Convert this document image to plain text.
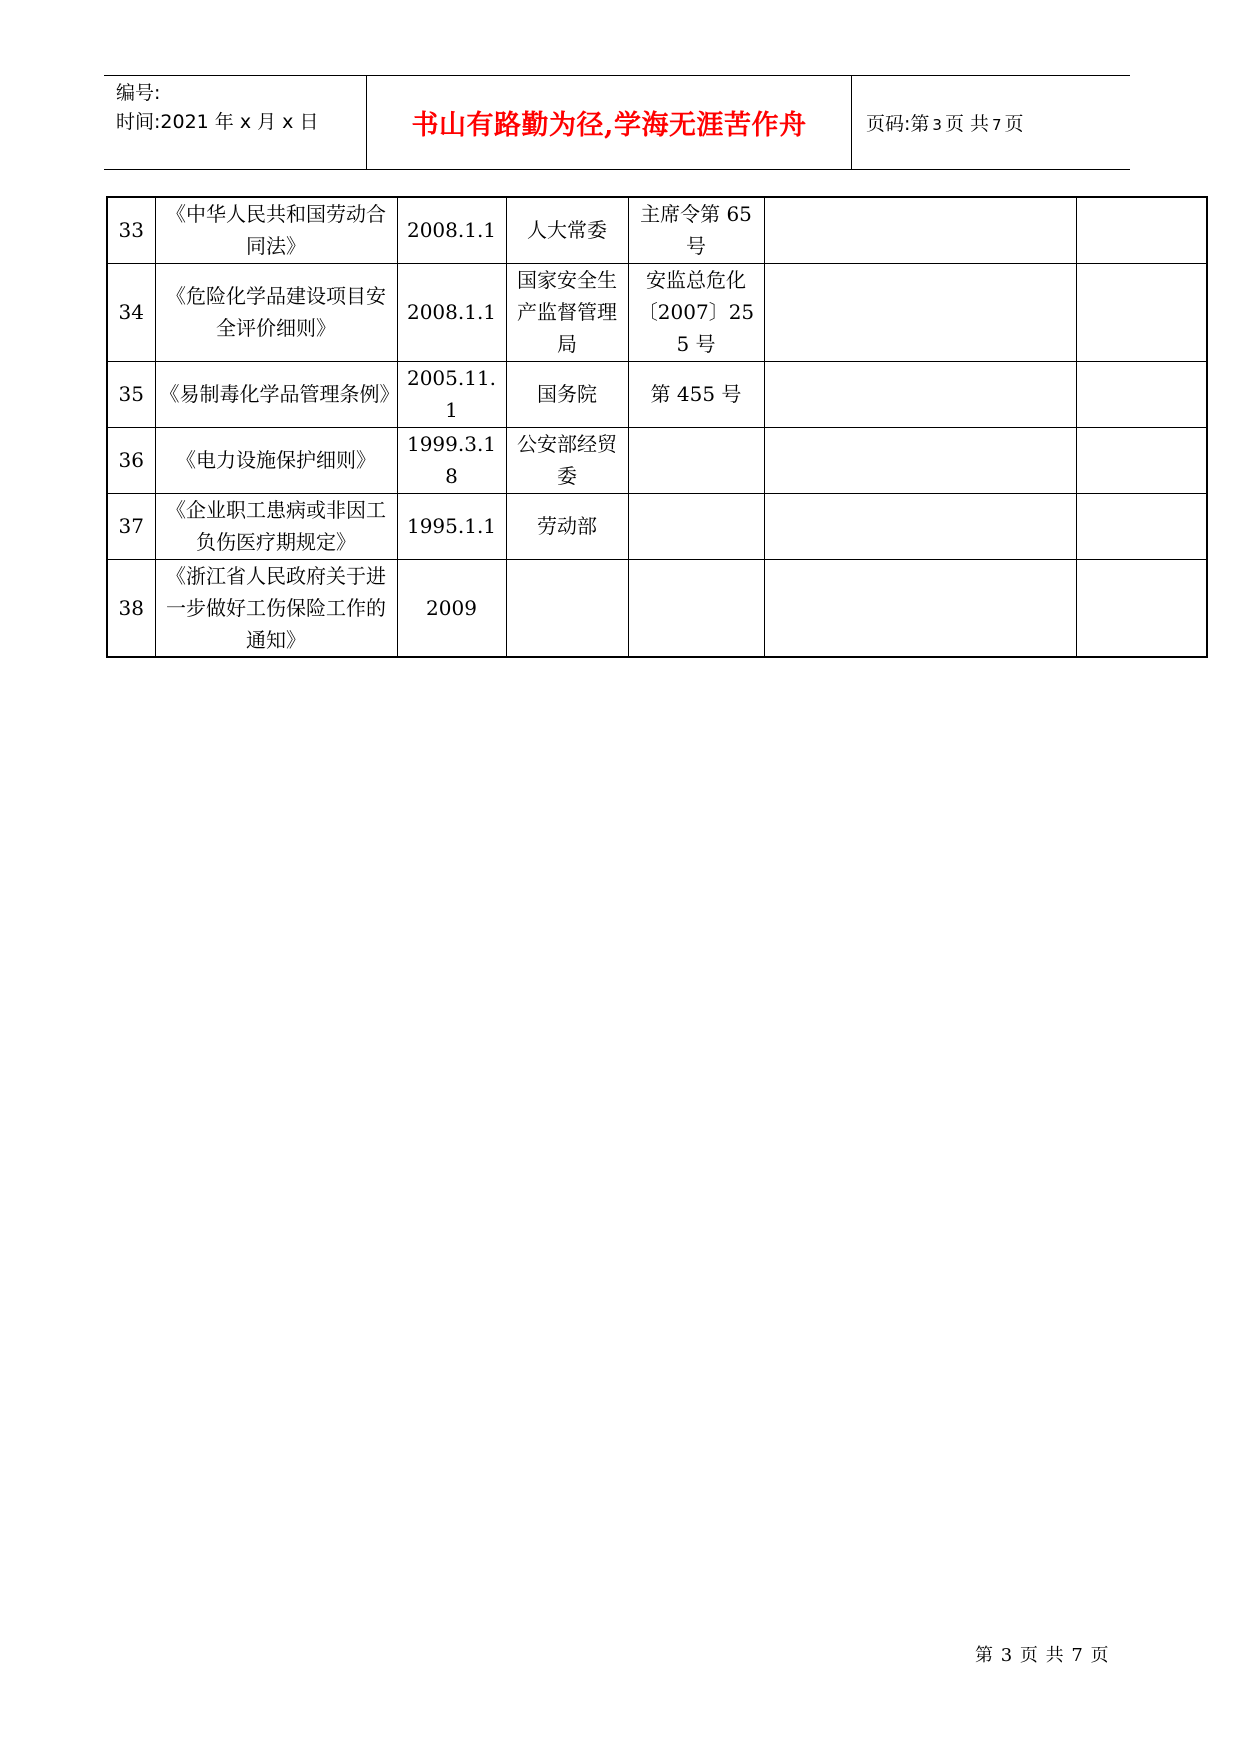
编号:
时间:2021 年 x 月 x 日	书山有路勤为径,学海无涯苦作舟	页码:第 3 页 共 7 页
33	《中华人民共和国劳动合同法》	2008.1.1	人大常委	主席令第 65 号		
34	《危险化学品建设项目安全评价细则》	2008.1.1	国家安全生产监督管理局	安监总危化〔2007〕255 号		
35	《易制毒化学品管理条例》	2005.11.1	国务院	第 455 号		
36	《电力设施保护细则》	1999.3.18	公安部经贸委			
37	《企业职工患病或非因工负伤医疗期规定》	1995.1.1	劳动部			
38	《浙江省人民政府关于进一步做好工伤保险工作的通知》	2009				
第 3 页 共 7 页
